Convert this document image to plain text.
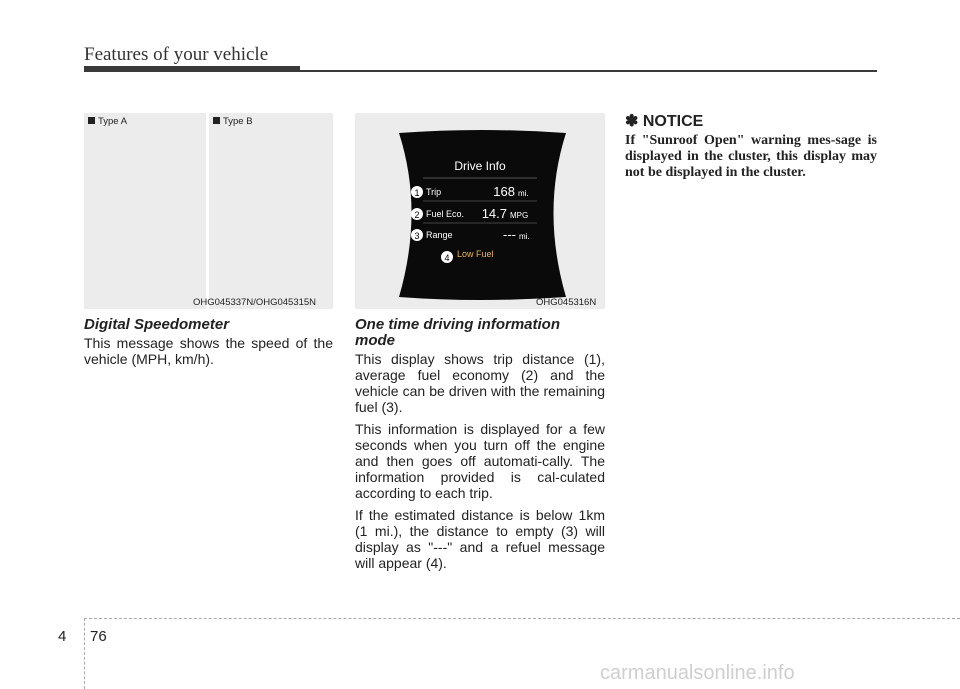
Features of your vehicle
Type A	Type B
OHG045337N/OHG045315N
Drive Info
1 Trip	168 mi.
2 Fuel Eco. 14.7 MPG
3 Range	--- mi.
4 Low Fuel
OHG045316N
Digital Speedometer

This message shows the speed of the vehicle (MPH, km/h).

One time driving information
mode

This display shows trip distance (1), average fuel economy (2) and the vehicle can be driven with the remaining fuel (3).

This information is displayed for a few seconds when you turn off the engine and then goes off automati-cally. The information provided is cal-culated according to each trip.

If the estimated distance is below 1km (1 mi.), the distance to empty (3) will display as "---" and a refuel message will appear (4).

✽ NOTICE
If "Sunroof Open" warning mes-sage is displayed in the cluster, this display may not be displayed in the cluster.
4 76
carmanualsonline.info
